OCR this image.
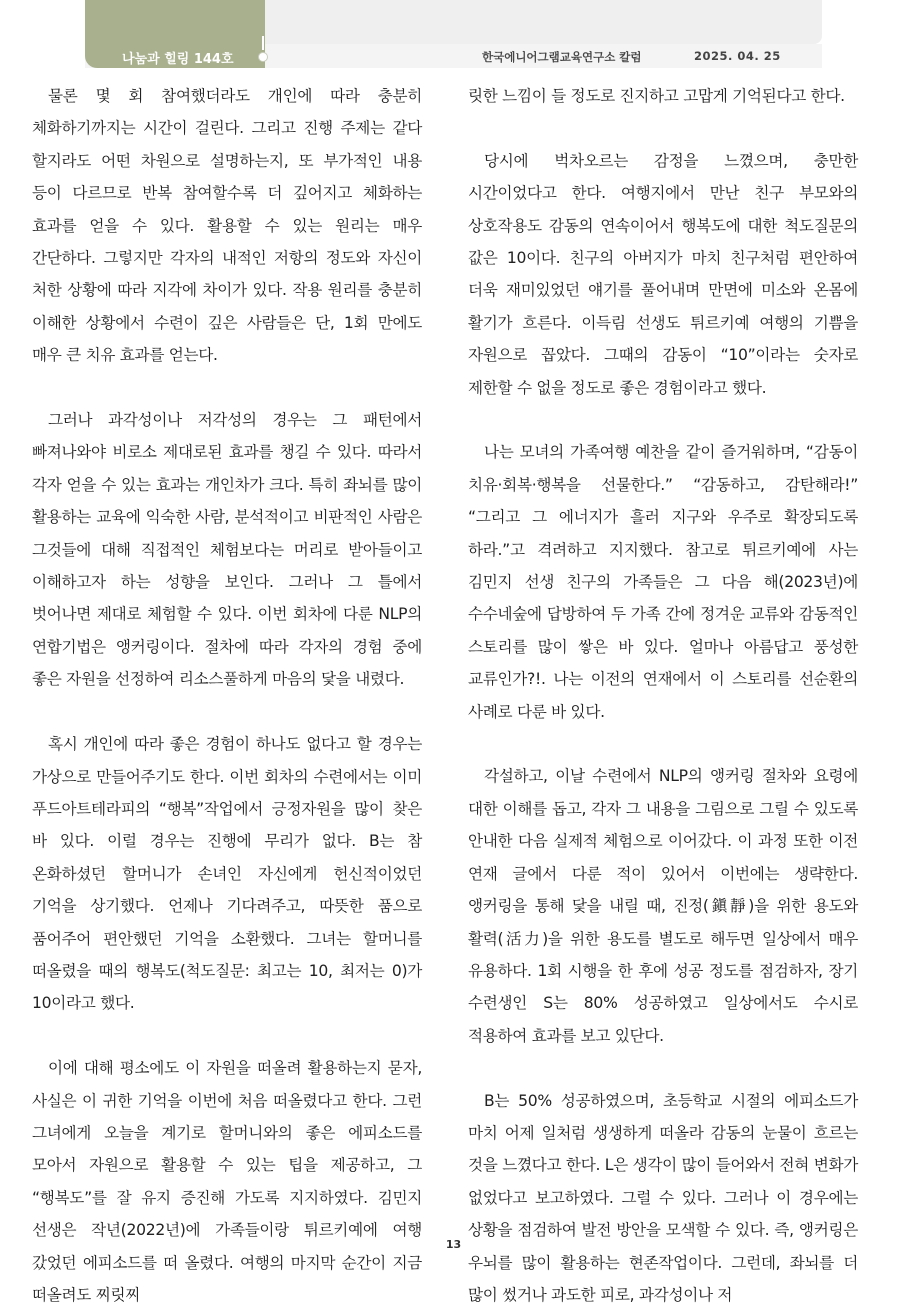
나눔과 힐링 144호	한국에니어그램교육연구소 칼럼	2025. 04. 25

물론 몇 회 참여했더라도 개인에 따라 충분히 체화하기까지는 시간이 걸린다. 그리고 진행 주제는 같다 할지라도 어떤 차원으로 설명하는지, 또 부가적인 내용 등이 다르므로 반복 참여할수록 더 깊어지고 체화하는 효과를 얻을 수 있다. 활용할 수 있는 원리는 매우 간단하다. 그렇지만 각자의 내적인 저항의 정도와 자신이 처한 상황에 따라 지각에 차이가 있다. 작용 원리를 충분히 이해한 상황에서 수련이 깊은 사람들은 단, 1회 만에도 매우 큰 치유 효과를 얻는다.

그러나 과각성이나 저각성의 경우는 그 패턴에서 빠져나와야 비로소 제대로된 효과를 챙길 수 있다. 따라서 각자 얻을 수 있는 효과는 개인차가 크다. 특히 좌뇌를 많이 활용하는 교육에 익숙한 사람, 분석적이고 비판적인 사람은 그것들에 대해 직접적인 체험보다는 머리로 받아들이고 이해하고자 하는 성향을 보인다. 그러나 그 틀에서 벗어나면 제대로 체험할 수 있다. 이번 회차에 다룬 NLP의 연합기법은 앵커링이다. 절차에 따라 각자의 경험 중에 좋은 자원을 선정하여 리소스풀하게 마음의 닻을 내렸다.

혹시 개인에 따라 좋은 경험이 하나도 없다고 할 경우는 가상으로 만들어주기도 한다. 이번 회차의 수련에서는 이미 푸드아트테라피의 “행복”작업에서 긍정자원을 많이 찾은 바 있다. 이럴 경우는 진행에 무리가 없다. B는 참 온화하셨던 할머니가 손녀인 자신에게 헌신적이었던 기억을 상기했다. 언제나 기다려주고, 따뜻한 품으로 품어주어 편안했던 기억을 소환했다. 그녀는 할머니를 떠올렸을 때의 행복도(척도질문: 최고는 10, 최저는 0)가 10이라고 했다.

이에 대해 평소에도 이 자원을 떠올려 활용하는지 묻자, 사실은 이 귀한 기억을 이번에 처음 떠올렸다고 한다. 그런 그녀에게 오늘을 계기로 할머니와의 좋은 에피소드를 모아서 자원으로 활용할 수 있는 팁을 제공하고, 그 “행복도”를 잘 유지 증진해 가도록 지지하였다. 김민지 선생은 작년(2022년)에 가족들이랑 튀르키예에 여행 갔었던 에피소드를 떠 올렸다. 여행의 마지막 순간이 지금 떠올려도 찌릿찌

릿한 느낌이 들 정도로 진지하고 고맙게 기억된다고 한다.

당시에 벅차오르는 감정을 느꼈으며, 충만한 시간이었다고 한다. 여행지에서 만난 친구 부모와의 상호작용도 감동의 연속이어서 행복도에 대한 척도질문의 값은 10이다. 친구의 아버지가 마치 친구처럼 편안하여 더욱 재미있었던 얘기를 풀어내며 만면에 미소와 온몸에 활기가 흐른다. 이득림 선생도 튀르키예 여행의 기쁨을 자원으로 꼽았다. 그때의 감동이 “10”이라는 숫자로 제한할 수 없을 정도로 좋은 경험이라고 했다.

나는 모녀의 가족여행 예찬을 같이 즐거워하며, “감동이 치유·회복·행복을 선물한다.” “감동하고, 감탄해라!” “그리고 그 에너지가 흘러 지구와 우주로 확장되도록 하라.”고 격려하고 지지했다. 참고로 튀르키예에 사는 김민지 선생 친구의 가족들은 그 다음 해(2023년)에 수수네숲에 답방하여 두 가족 간에 정겨운 교류와 감동적인 스토리를 많이 쌓은 바 있다. 얼마나 아름답고 풍성한 교류인가?!. 나는 이전의 연재에서 이 스토리를 선순환의 사례로 다룬 바 있다.

각설하고, 이날 수련에서 NLP의 앵커링 절차와 요령에 대한 이해를 돕고, 각자 그 내용을 그림으로 그릴 수 있도록 안내한 다음 실제적 체험으로 이어갔다. 이 과정 또한 이전 연재 글에서 다룬 적이 있어서 이번에는 생략한다. 앵커링을 통해 닻을 내릴 때, 진정(鎭靜)을 위한 용도와 활력(活力)을 위한 용도를 별도로 해두면 일상에서 매우 유용하다. 1회 시행을 한 후에 성공 정도를 점검하자, 장기 수련생인 S는 80% 성공하였고 일상에서도 수시로 적용하여 효과를 보고 있단다.

B는 50% 성공하였으며, 초등학교 시절의 에피소드가 마치 어제 일처럼 생생하게 떠올라 감동의 눈물이 흐르는 것을 느꼈다고 한다. L은 생각이 많이 들어와서 전혀 변화가 없었다고 보고하였다. 그럴 수 있다. 그러나 이 경우에는 상황을 점검하여 발전 방안을 모색할 수 있다. 즉, 앵커링은 우뇌를 많이 활용하는 현존작업이다. 그런데, 좌뇌를 더 많이 썼거나 과도한 피로, 과각성이나 저

13
